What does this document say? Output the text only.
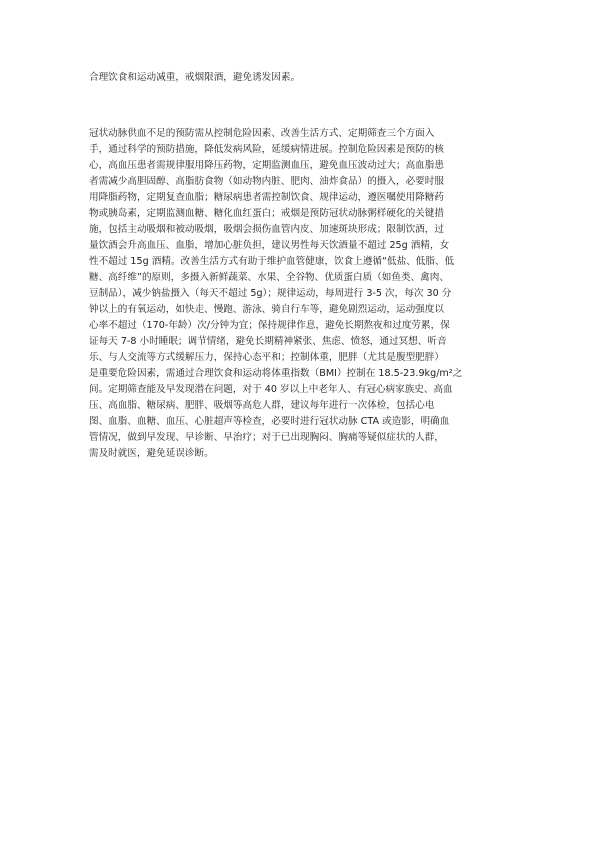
合理饮食和运动减重，戒烟限酒，避免诱发因素。
冠状动脉供血不足的预防需从控制危险因素、改善生活方式、定期筛查三个方面入
手，通过科学的预防措施，降低发病风险，延缓病情进展。控制危险因素是预防的核
心，高血压患者需规律服用降压药物，定期监测血压，避免血压波动过大；高血脂患
者需减少高胆固醇、高脂肪食物（如动物内脏、肥肉、油炸食品）的摄入，必要时服
用降脂药物，定期复查血脂；糖尿病患者需控制饮食、规律运动，遵医嘱使用降糖药
物或胰岛素，定期监测血糖、糖化血红蛋白；戒烟是预防冠状动脉粥样硬化的关键措
施，包括主动吸烟和被动吸烟，吸烟会损伤血管内皮、加速斑块形成；限制饮酒，过
量饮酒会升高血压、血脂，增加心脏负担，建议男性每天饮酒量不超过 25g 酒精，女
性不超过 15g 酒精。改善生活方式有助于维护血管健康，饮食上遵循“低盐、低脂、低
糖、高纤维”的原则，多摄入新鲜蔬菜、水果、全谷物、优质蛋白质（如鱼类、禽肉、
豆制品），减少钠盐摄入（每天不超过 5g）；规律运动，每周进行 3-5 次，每次 30 分
钟以上的有氧运动，如快走、慢跑、游泳、骑自行车等，避免剧烈运动，运动强度以
心率不超过（170-年龄）次/分钟为宜；保持规律作息，避免长期熬夜和过度劳累，保
证每天 7-8 小时睡眠；调节情绪，避免长期精神紧张、焦虑、愤怒，通过冥想、听音
乐、与人交流等方式缓解压力，保持心态平和；控制体重，肥胖（尤其是腹型肥胖）
是重要危险因素，需通过合理饮食和运动将体重指数（BMI）控制在 18.5-23.9kg/m²之
间。定期筛查能及早发现潜在问题，对于 40 岁以上中老年人、有冠心病家族史、高血
压、高血脂、糖尿病、肥胖、吸烟等高危人群，建议每年进行一次体检，包括心电
图、血脂、血糖、血压、心脏超声等检查，必要时进行冠状动脉 CTA 或造影，明确血
管情况，做到早发现、早诊断、早治疗；对于已出现胸闷、胸痛等疑似症状的人群，
需及时就医，避免延误诊断。
